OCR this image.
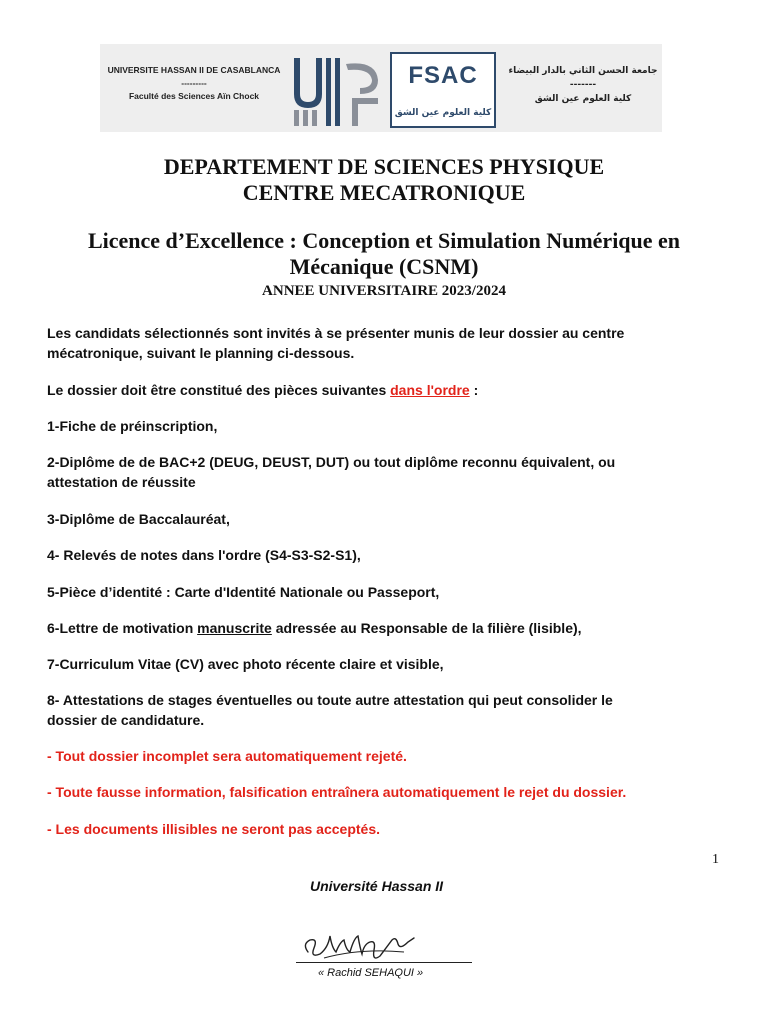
UNIVERSITE HASSAN II DE CASABLANCA
---------
Faculté des Sciences Aïn Chock
FSAC
كلية العلوم عين الشق
جامعة الحسن الثاني بالدار البيضاء
-------
كلية العلوم عين الشق
DEPARTEMENT DE SCIENCES PHYSIQUE
CENTRE MECATRONIQUE
Licence d’Excellence : Conception et Simulation Numérique en
Mécanique (CSNM)
ANNEE UNIVERSITAIRE 2023/2024
Les candidats sélectionnés sont invités à se présenter munis de leur dossier au centre
mécatronique, suivant le planning ci-dessous.
Le dossier doit être constitué des pièces suivantes dans l'ordre :
1-Fiche de préinscription,
2-Diplôme de de BAC+2 (DEUG, DEUST, DUT) ou tout diplôme reconnu équivalent, ou
attestation de réussite
3-Diplôme de Baccalauréat,
4- Relevés de notes dans l'ordre (S4-S3-S2-S1),
5-Pièce d’identité : Carte d'Identité Nationale ou Passeport,
6-Lettre de motivation manuscrite adressée au Responsable de la filière (lisible),
7-Curriculum Vitae (CV) avec photo récente claire et visible,
8- Attestations de stages éventuelles ou toute autre attestation qui peut consolider le
dossier de candidature.
- Tout dossier incomplet sera automatiquement rejeté.
- Toute fausse information, falsification entraînera automatiquement le rejet du dossier.
- Les documents illisibles ne seront pas acceptés.
1
Université Hassan II
« Rachid SEHAQUI »
